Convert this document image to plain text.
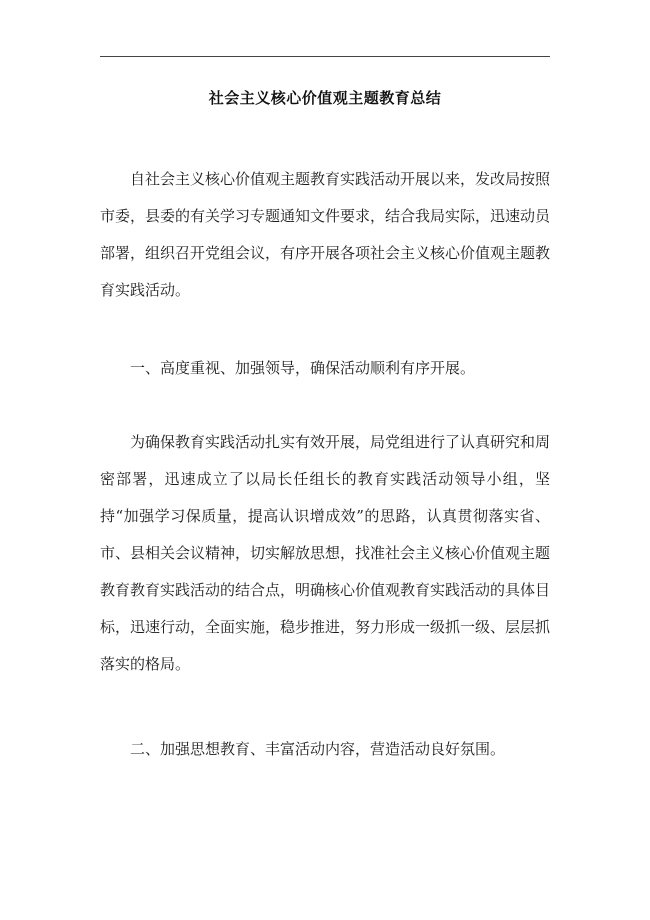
社会主义核心价值观主题教育总结

自社会主义核心价值观主题教育实践活动开展以来，发改局按照市委，县委的有关学习专题通知文件要求，结合我局实际，迅速动员部署，组织召开党组会议，有序开展各项社会主义核心价值观主题教育实践活动。

一、高度重视、加强领导，确保活动顺利有序开展。

为确保教育实践活动扎实有效开展，局党组进行了认真研究和周密部署，迅速成立了以局长任组长的教育实践活动领导小组，坚持“加强学习保质量，提高认识增成效”的思路，认真贯彻落实省、市、县相关会议精神，切实解放思想，找准社会主义核心价值观主题教育教育实践活动的结合点，明确核心价值观教育实践活动的具体目标，迅速行动，全面实施，稳步推进，努力形成一级抓一级、层层抓落实的格局。

二、加强思想教育、丰富活动内容，营造活动良好氛围。
